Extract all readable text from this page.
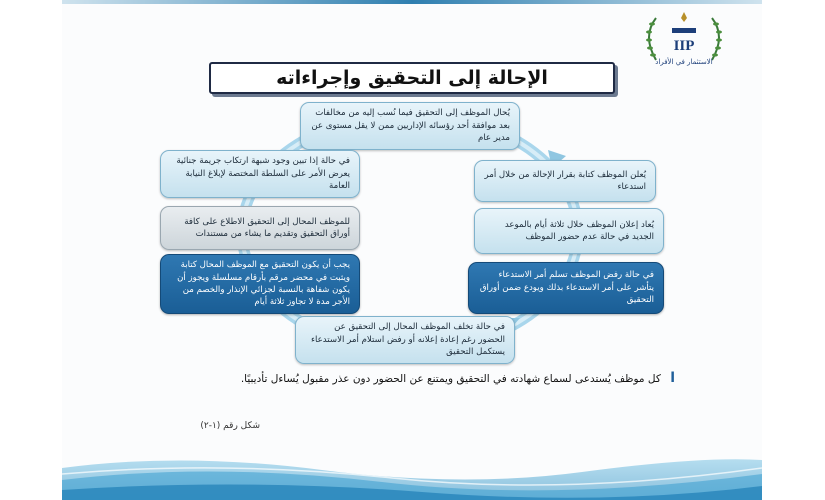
IIP
الاستثمار في الأفراد
الإحالة إلى التحقيق وإجراءاته
يُحال الموظف إلى التحقيق فيما نُسب إليه من مخالفات بعد موافقة أحد رؤسائه الإداريين ممن لا يقل مستوى عن مدير عام
يُعلن الموظف كتابة بقرار الإحالة من خلال أمر استدعاء
يُعاد إعلان الموظف خلال ثلاثة أيام بالموعد الجديد في حالة عدم حضور الموظف
في حالة رفض الموظف تسلم أمر الاستدعاء يتأشر على أمر الاستدعاء بذلك ويودع ضمن أوراق التحقيق
في حالة تخلف الموظف المحال إلى التحقيق عن الحضور رغم إعادة إعلانه أو رفض استلام أمر الاستدعاء يستكمل التحقيق
يجب أن يكون التحقيق مع الموظف المحال كتابة ويثبت في محضر مرقم بأرقام مسلسلة ويجوز أن يكون شفاهة بالنسبة لجزائي الإنذار والخصم من الأجر مدة لا تجاوز ثلاثة أيام
للموظف المحال إلى التحقيق الاطلاع على كافة أوراق التحقيق وتقديم ما يشاء من مستندات
في حالة إذا تبين وجود شبهة ارتكاب جريمة جنائية يعرض الأمر على السلطة المختصة لإبلاغ النيابة العامة
ا كل موظف يُستدعى لسماع شهادته في التحقيق ويمتنع عن الحضور دون عذر مقبول يُساءل تأديبيًا.
شكل رقم (١-٢)
